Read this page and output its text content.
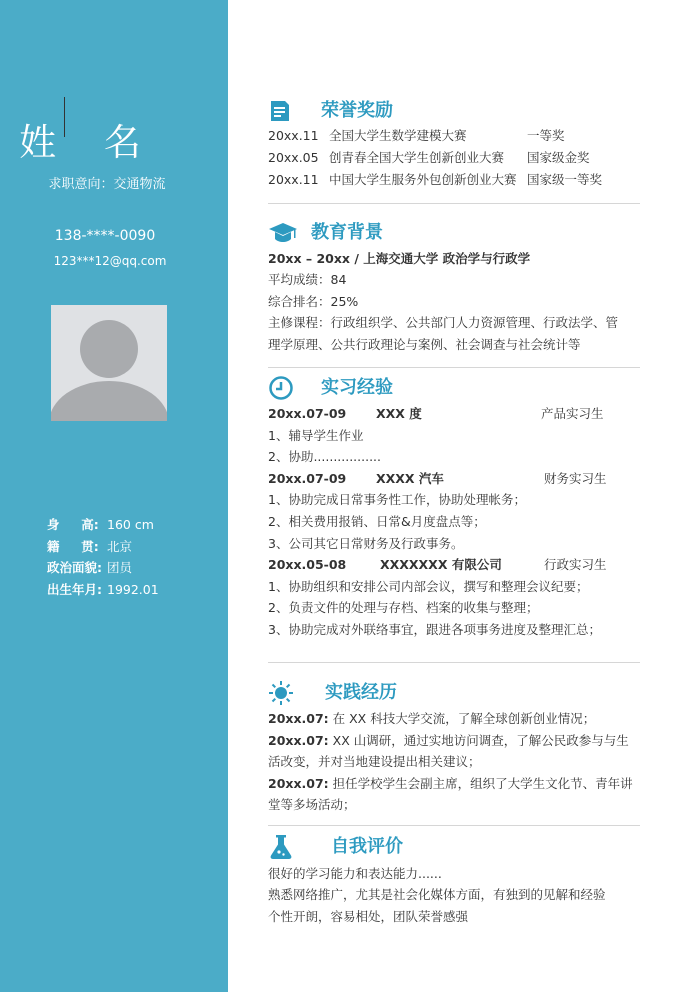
姓 名
求职意向：交通物流
138-****-0090
123***12@qq.com
身     高: 160 cm
籍     贯: 北京
政治面貌: 团员
出生年月: 1992.01
荣誉奖励
20xx.11 全国大学生数学建模大赛	一等奖
20xx.05 创青春全国大学生创新创业大赛 国家级金奖
20xx.11 中国大学生服务外包创新创业大赛 国家级一等奖
教育背景
20xx – 20xx / 上海交通大学 政治学与行政学
平均成绩：84
综合排名：25%
主修课程：行政组织学、公共部门人力资源管理、行政法学、管
理学原理、公共行政理论与案例、社会调查与社会统计等
实习经验
20xx.07-09 XXX 度	产品实习生
1、辅导学生作业
2、协助.................
20xx.07-09 XXXX 汽车	财务实习生
1、协助完成日常事务性工作，协助处理帐务；
2、相关费用报销、日常&月度盘点等；
3、公司其它日常财务及行政事务。
20xx.05-08	XXXXXXX 有限公司	行政实习生
1、协助组织和安排公司内部会议，撰写和整理会议纪要；
2、负责文件的处理与存档、档案的收集与整理；
3、协助完成对外联络事宜，跟进各项事务进度及整理汇总；
实践经历
20xx.07: 在 XX 科技大学交流，了解全球创新创业情况；
20xx.07: XX 山调研，通过实地访问调查，了解公民政参与与生
活改变，并对当地建设提出相关建议；
20xx.07: 担任学校学生会副主席，组织了大学生文化节、青年讲
堂等多场活动；
自我评价
很好的学习能力和表达能力......
熟悉网络推广，尤其是社会化媒体方面，有独到的见解和经验
个性开朗，容易相处，团队荣誉感强
